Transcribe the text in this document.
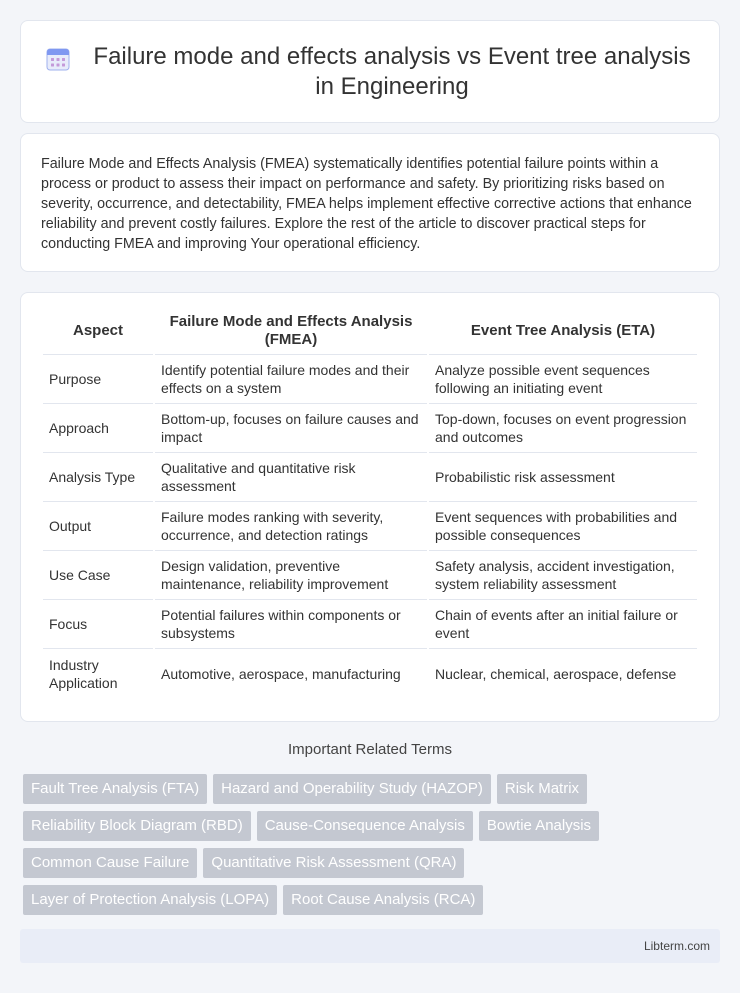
Failure mode and effects analysis vs Event tree analysis in Engineering

Failure Mode and Effects Analysis (FMEA) systematically identifies potential failure points within a process or product to assess their impact on performance and safety. By prioritizing risks based on severity, occurrence, and detectability, FMEA helps implement effective corrective actions that enhance reliability and prevent costly failures. Explore the rest of the article to discover practical steps for conducting FMEA and improving Your operational efficiency.

Aspect	Failure Mode and Effects Analysis (FMEA)	Event Tree Analysis (ETA)
Purpose	Identify potential failure modes and their effects on a system	Analyze possible event sequences following an initiating event
Approach	Bottom-up, focuses on failure causes and impact	Top-down, focuses on event progression and outcomes
Analysis Type	Qualitative and quantitative risk assessment	Probabilistic risk assessment
Output	Failure modes ranking with severity, occurrence, and detection ratings	Event sequences with probabilities and possible consequences
Use Case	Design validation, preventive maintenance, reliability improvement	Safety analysis, accident investigation, system reliability assessment
Focus	Potential failures within components or subsystems	Chain of events after an initial failure or event
Industry Application	Automotive, aerospace, manufacturing	Nuclear, chemical, aerospace, defense
Important Related Terms
Fault Tree Analysis (FTA)	Hazard and Operability Study (HAZOP)	Risk Matrix
Reliability Block Diagram (RBD)	Cause-Consequence Analysis	Bowtie Analysis
Common Cause Failure	Quantitative Risk Assessment (QRA)
Layer of Protection Analysis (LOPA)	Root Cause Analysis (RCA)
Libterm.com
